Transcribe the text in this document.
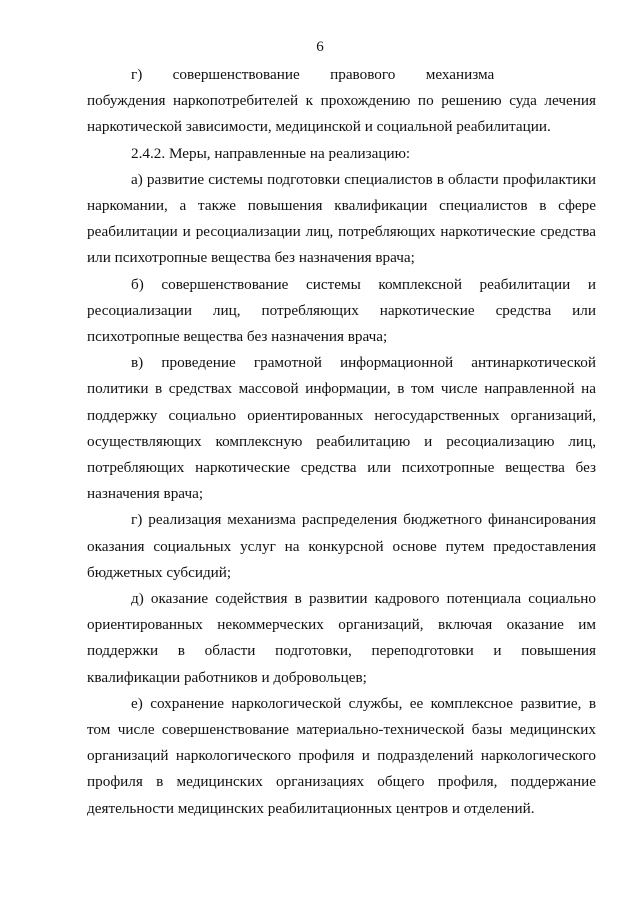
6

г)  совершенствование  правового  механизма  побуждения наркопотребителей к прохождению по решению суда лечения наркотической зависимости, медицинской и социальной реабилитации.

2.4.2. Меры, направленные на реализацию:

а) развитие системы подготовки специалистов в области профилактики наркомании, а также повышения квалификации специалистов в сфере реабилитации и ресоциализации лиц, потребляющих наркотические средства или психотропные вещества без назначения врача;

б) совершенствование системы комплексной реабилитации и ресоциализации лиц, потребляющих наркотические средства или психотропные вещества без назначения врача;

в) проведение грамотной информационной антинаркотической политики в средствах массовой информации, в том числе направленной на поддержку социально ориентированных негосударственных организаций, осуществляющих комплексную реабилитацию и ресоциализацию лиц, потребляющих наркотические средства или психотропные вещества без назначения врача;

г) реализация механизма распределения бюджетного финансирования оказания социальных услуг на конкурсной основе путем предоставления бюджетных субсидий;

д) оказание содействия в развитии кадрового потенциала социально ориентированных некоммерческих организаций, включая оказание им поддержки в области подготовки, переподготовки и повышения квалификации работников и добровольцев;

е) сохранение наркологической службы, ее комплексное развитие, в том числе совершенствование материально-технической базы медицинских организаций наркологического профиля и подразделений наркологического профиля в медицинских организациях общего профиля, поддержание деятельности медицинских реабилитационных центров и отделений.
